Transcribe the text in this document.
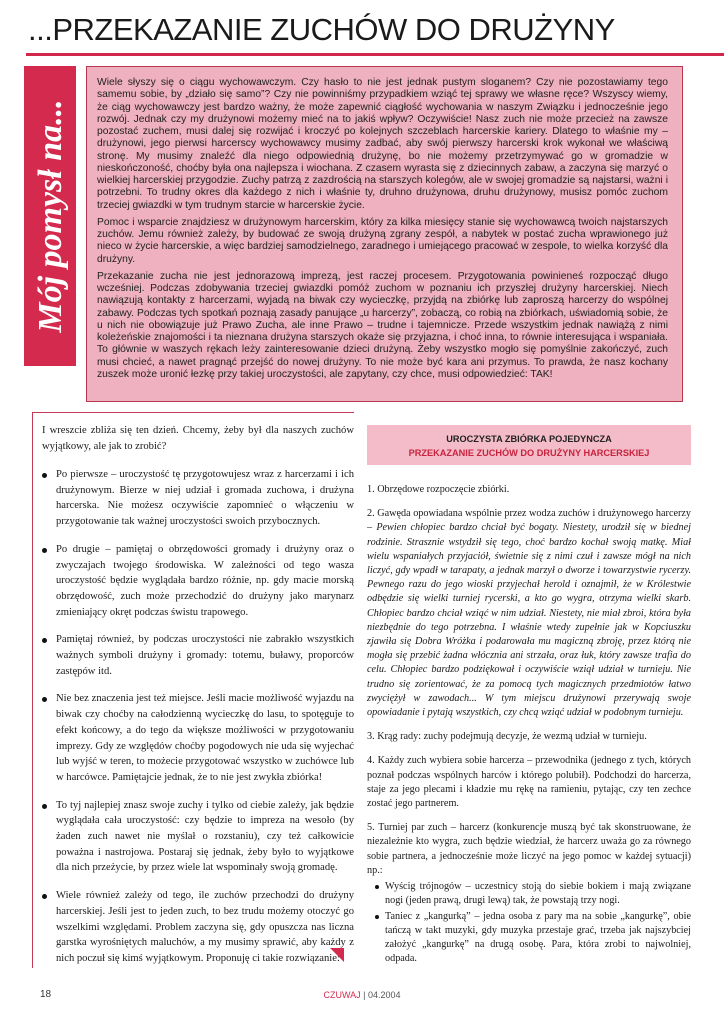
...PRZEKAZANIE ZUCHÓW DO DRUŻYNY
Mój pomysł na...

Wiele słyszy się o ciągu wychowawczym. Czy hasło to nie jest jednak pustym sloganem? Czy nie pozostawiamy tego samemu sobie, by „działo się samo”? Czy nie powinniśmy przypadkiem wziąć tej sprawy we własne ręce? Wszyscy wiemy, że ciąg wychowawczy jest bardzo ważny, że może zapewnić ciągłość wychowania w naszym Związku i jednocześnie jego rozwój. Jednak czy my drużynowi możemy mieć na to jakiś wpływ? Oczywiście! Nasz zuch nie może przecież na zawsze pozostać zuchem, musi dalej się rozwijać i kroczyć po kolejnych szczeblach harcerskie kariery. Dlatego to właśnie my – drużynowi, jego pierwsi harcerscy wychowawcy musimy zadbać, aby swój pierwszy harcerski krok wykonał we właściwą stronę. My musimy znaleźć dla niego odpowiednią drużynę, bo nie możemy przetrzymywać go w gromadzie w nieskończoność, choćby była ona najlepsza i wiochana. Z czasem wyrasta się z dziecinnych zabaw, a zaczyna się marzyć o wielkiej harcerskiej przygodzie. Zuchy patrzą z zazdrością na starszych kolegów, ale w swojej gromadzie są najstarsi, ważni i potrzebni. To trudny okres dla każdego z nich i właśnie ty, druhno drużynowa, druhu drużynowy, musisz pomóc zuchom trzeciej gwiazdki w tym trudnym starcie w harcerskie życie.

Pomoc i wsparcie znajdziesz w drużynowym harcerskim, który za kilka miesięcy stanie się wychowawcą twoich najstarszych zuchów. Jemu również zależy, by budować ze swoją drużyną zgrany zespół, a nabytek w postać zucha wprawionego już nieco w życie harcerskie, a więc bardziej samodzielnego, zaradnego i umiejącego pracować w zespole, to wielka korzyść dla drużyny.

Przekazanie zucha nie jest jednorazową imprezą, jest raczej procesem. Przygotowania powinieneś rozpocząć długo wcześniej. Podczas zdobywania trzeciej gwiazdki pomóż zuchom w poznaniu ich przyszłej drużyny harcerskiej. Niech nawiązują kontakty z harcerzami, wyjadą na biwak czy wycieczkę, przyjdą na zbiórkę lub zaproszą harcerzy do wspólnej zabawy. Podczas tych spotkań poznają zasady panujące „u harcerzy”, zobaczą, co robią na zbiórkach, uświadomią sobie, że u nich nie obowiązuje już Prawo Zucha, ale inne Prawo – trudne i tajemnicze. Przede wszystkim jednak nawiążą z nimi koleżeńskie znajomości i ta nieznana drużyna starszych okaże się przyjazna, i choć inna, to równie interesująca i wspaniała. To głównie w waszych rękach leży zainteresowanie dzieci drużyną. Żeby wszystko mogło się pomyślnie zakończyć, zuch musi chcieć, a nawet pragnąć przejść do nowej drużyny. To nie może być kara ani przymus. To prawda, że nasz kochany zuszek może uronić łezkę przy takiej uroczystości, ale zapytany, czy chce, musi odpowiedzieć: TAK!

I wreszcie zbliża się ten dzień. Chcemy, żeby był dla naszych zuchów wyjątkowy, ale jak to zrobić?

Po pierwsze – uroczystość tę przygotowujesz wraz z harcerzami i ich drużynowym. Bierze w niej udział i gromada zuchowa, i drużyna harcerska. Nie możesz oczywiście zapomnieć o włączeniu w przygotowanie tak ważnej uroczystości swoich przybocznych.
Po drugie – pamiętaj o obrzędowości gromady i drużyny oraz o zwyczajach twojego środowiska. W zależności od tego wasza uroczystość będzie wyglądała bardzo różnie, np. gdy macie morską obrzędowość, zuch może przechodzić do drużyny jako marynarz zmieniający okręt podczas świstu trapowego.
Pamiętaj również, by podczas uroczystości nie zabrakło wszystkich ważnych symboli drużyny i gromady: totemu, buławy, proporców zastępów itd.
Nie bez znaczenia jest też miejsce. Jeśli macie możliwość wyjazdu na biwak czy choćby na całodzienną wycieczkę do lasu, to spotęguje to efekt końcowy, a do tego da większe możliwości w przygotowaniu imprezy. Gdy ze względów choćby pogodowych nie uda się wyjechać lub wyjść w teren, to możecie przygotować wszystko w zuchówce lub w harcówce. Pamiętajcie jednak, że to nie jest zwykła zbiórka!
To tyj najlepiej znasz swoje zuchy i tylko od ciebie zależy, jak będzie wyglądała cała uroczystość: czy będzie to impreza na wesoło (by żaden zuch nawet nie myślał o rozstaniu), czy też całkowicie poważna i nastrojowa. Postaraj się jednak, żeby było to wyjątkowe dla nich przeżycie, by przez wiele lat wspominały swoją gromadę.
Wiele również zależy od tego, ile zuchów przechodzi do drużyny harcerskiej. Jeśli jest to jeden zuch, to bez trudu możemy otoczyć go wszelkimi względami. Problem zaczyna się, gdy opuszcza nas liczna garstka wyrośniętych maluchów, a my musimy sprawić, aby każdy z nich poczuł się kimś wyjątkowym. Proponuję ci takie rozwiązanie:
UROCZYSTA ZBIÓRKA POJEDYNCZA
PRZEKAZANIE ZUCHÓW DO DRUŻYNY HARCERSKIEJ

1. Obrzędowe rozpoczęcie zbiórki.

2. Gawęda opowiadana wspólnie przez wodza zuchów i drużynowego harcerzy – Pewien chłopiec bardzo chciał być bogaty. Niestety, urodził się w biednej rodzinie. Strasznie wstydził się tego, choć bardzo kochał swoją matkę. Miał wielu wspaniałych przyjaciół, świetnie się z nimi czuł i zawsze mógł na nich liczyć, gdy wpadł w tarapaty, a jednak marzył o dworze i towarzystwie rycerzy. Pewnego razu do jego wioski przyjechał herold i oznajmił, że w Królestwie odbędzie się wielki turniej rycerski, a kto go wygra, otrzyma wielki skarb. Chłopiec bardzo chciał wziąć w nim udział. Niestety, nie miał zbroi, która była niezbędnie do tego potrzebna. I właśnie wtedy zupełnie jak w Kopciuszku zjawiła się Dobra Wróżka i podarowała mu magiczną zbroję, przez którą nie mogła się przebić żadna włócznia ani strzała, oraz łuk, który zawsze trafia do celu. Chłopiec bardzo podziękował i oczywiście wziął udział w turnieju. Nie trudno się zorientować, że za pomocą tych magicznych przedmiotów łatwo zwyciężył w zawodach... W tym miejscu drużynowi przerywają swoje opowiadanie i pytają wszystkich, czy chcą wziąć udział w podobnym turnieju.

3. Krąg rady: zuchy podejmują decyzje, że wezmą udział w turnieju.

4. Każdy zuch wybiera sobie harcerza – przewodnika (jednego z tych, których poznał podczas wspólnych harców i którego polubił). Podchodzi do harcerza, staje za jego plecami i kładzie mu rękę na ramieniu, pytając, czy ten zechce zostać jego partnerem.

5. Turniej par zuch – harcerz (konkurencje muszą być tak skonstruowane, że niezależnie kto wygra, zuch będzie wiedział, że harcerz uważa go za równego sobie partnera, a jednocześnie może liczyć na jego pomoc w każdej sytuacji) np.:

Wyścig trójnogów – uczestnicy stoją do siebie bokiem i mają związane nogi (jeden prawą, drugi lewą) tak, że powstają trzy nogi.
Taniec z „kangurką” – jedna osoba z pary ma na sobie „kangurkę”, obie tańczą w takt muzyki, gdy muzyka przestaje grać, trzeba jak najszybciej założyć „kangurkę” na drugą osobę. Para, która zrobi to najwolniej, odpada.
18	CZUWAJ | 04.2004
